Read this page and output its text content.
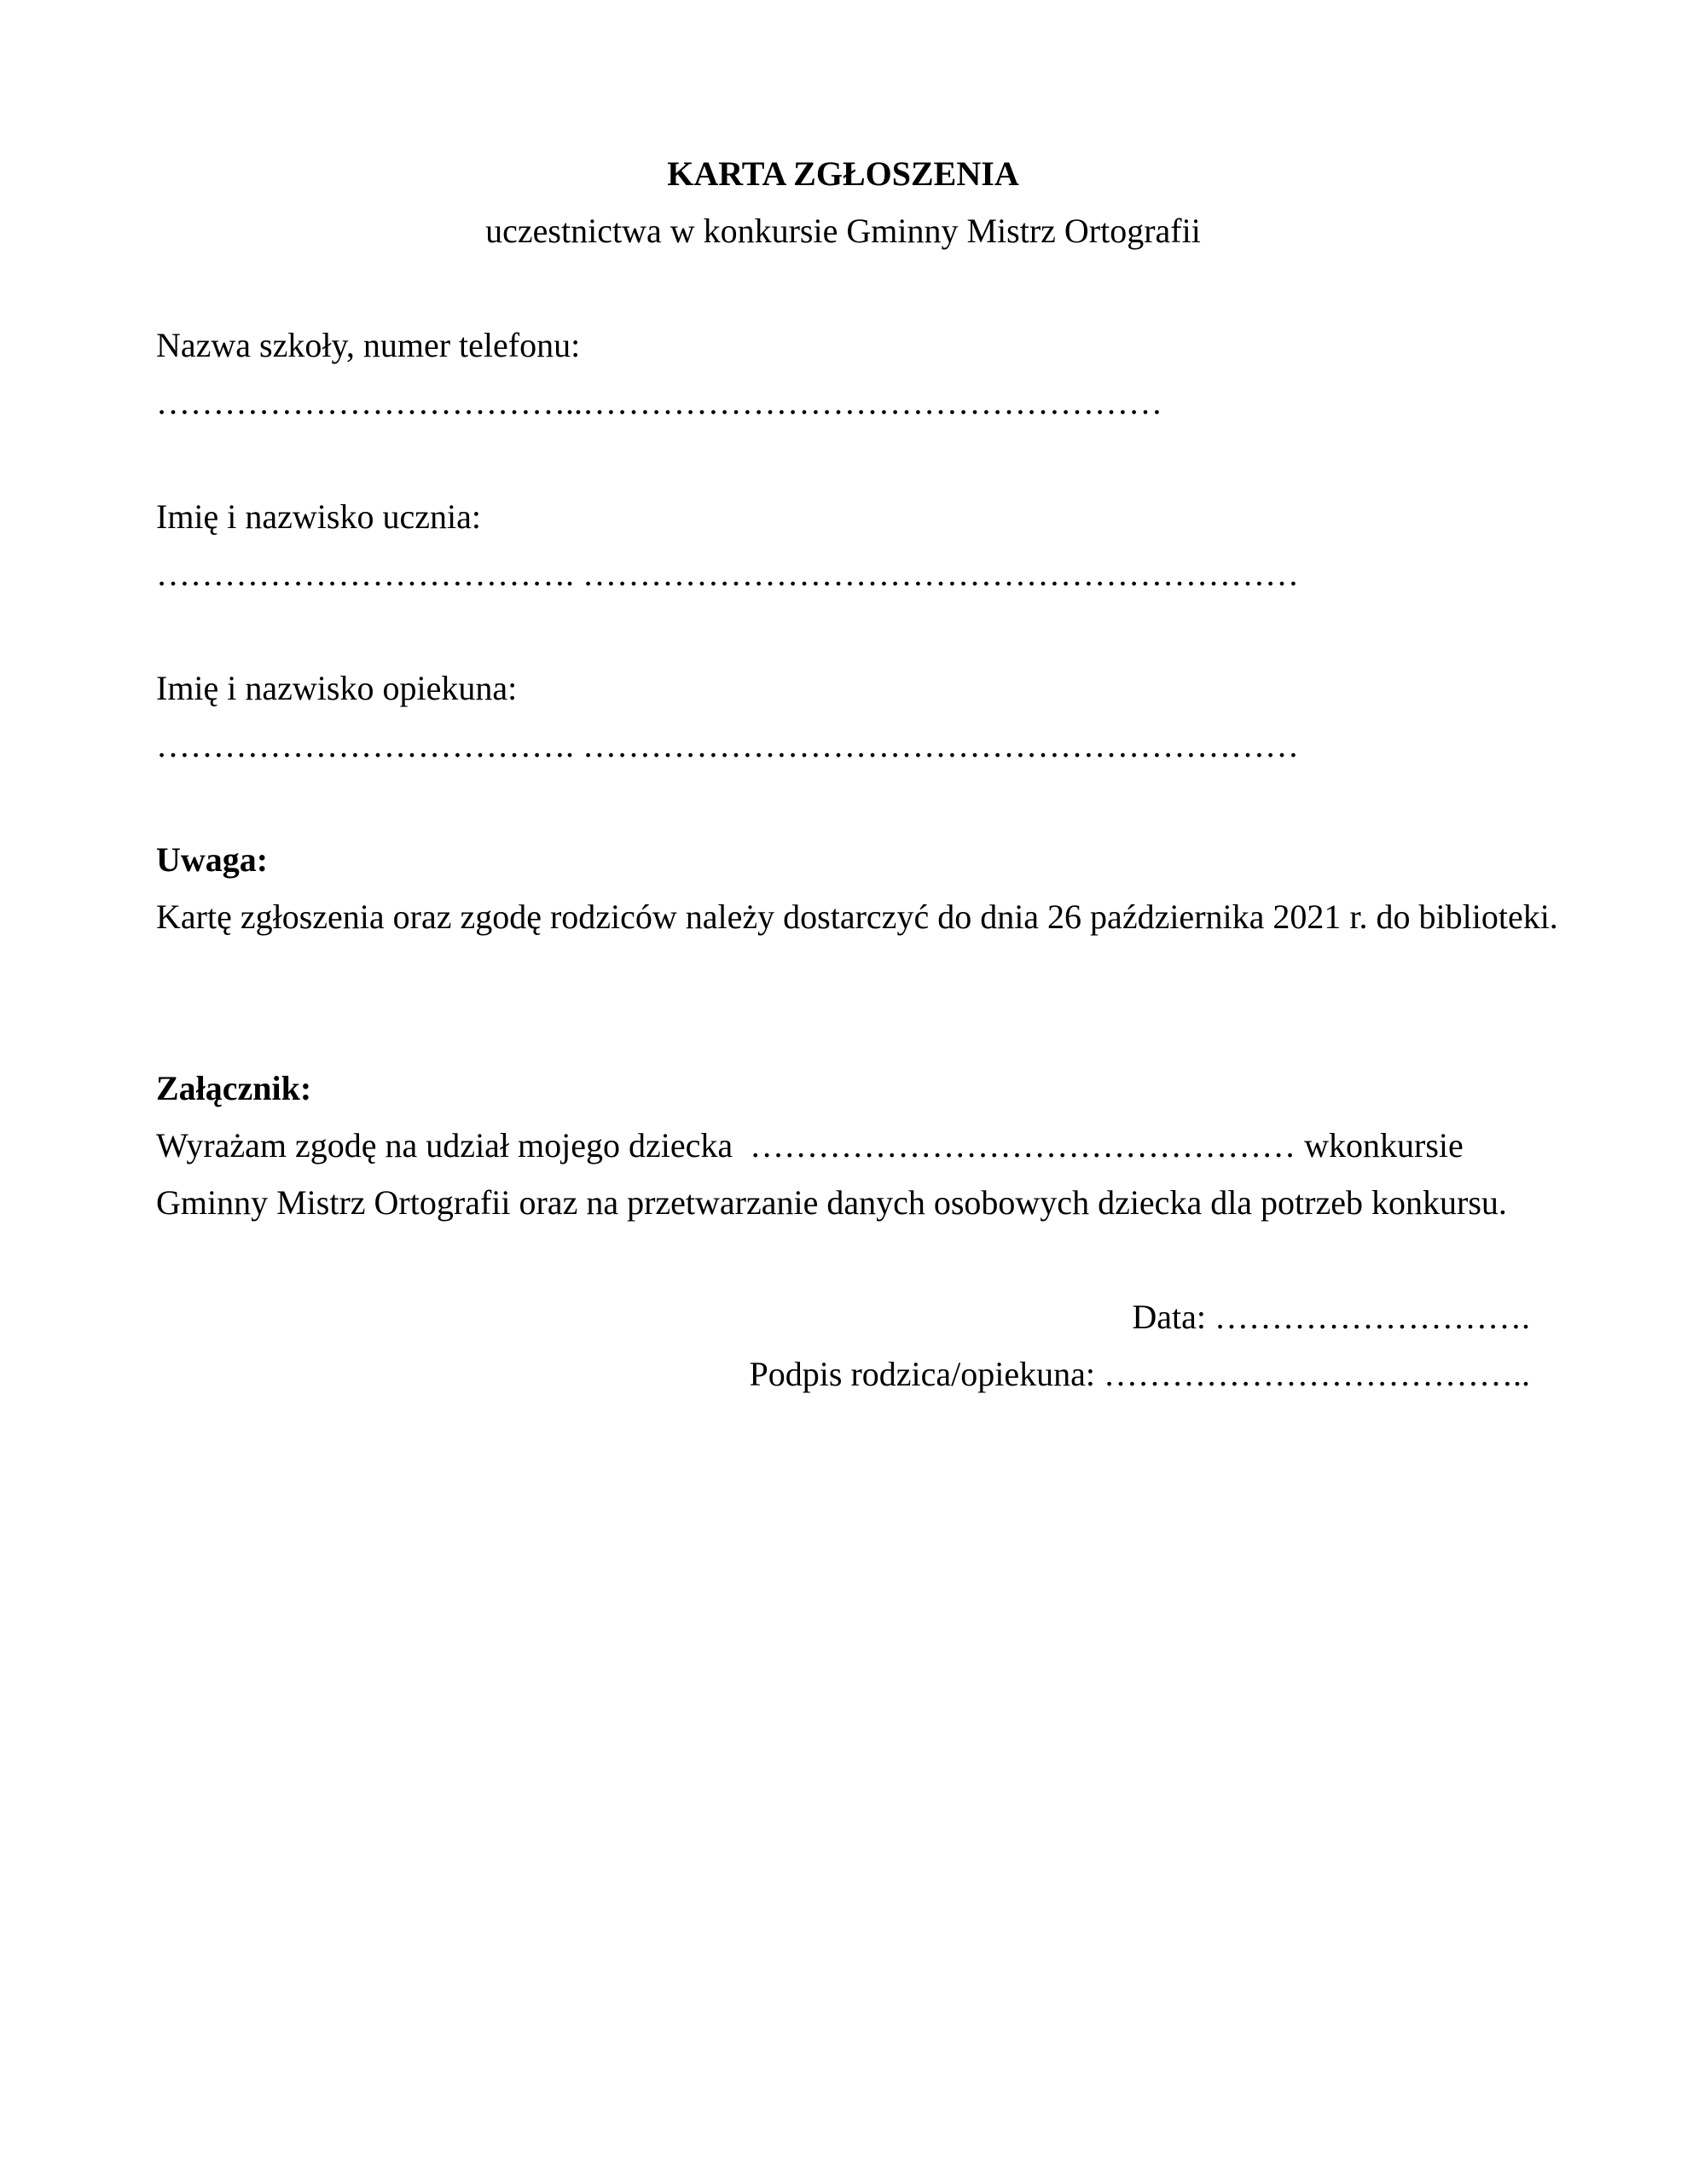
KARTA ZGŁOSZENIA
uczestnictwa w konkursie Gminny Mistrz Ortografii
Nazwa szkoły, numer telefonu:
………………………………..……………………………………………
Imię i nazwisko ucznia:
………………………………. ………………………………………………………
Imię i nazwisko opiekuna:
………………………………. ………………………………………………………
Uwaga:
Kartę zgłoszenia oraz zgodę rodziców należy dostarczyć do dnia 26 października 2021 r. do biblioteki.
Załącznik:
Wyrażam zgodę na udział mojego dziecka  ………………………………………… wkonkursie
Gminny Mistrz Ortografii oraz na przetwarzanie danych osobowych dziecka dla potrzeb konkursu.
Data: ……………………….
Podpis rodzica/opiekuna: ………………………………..
